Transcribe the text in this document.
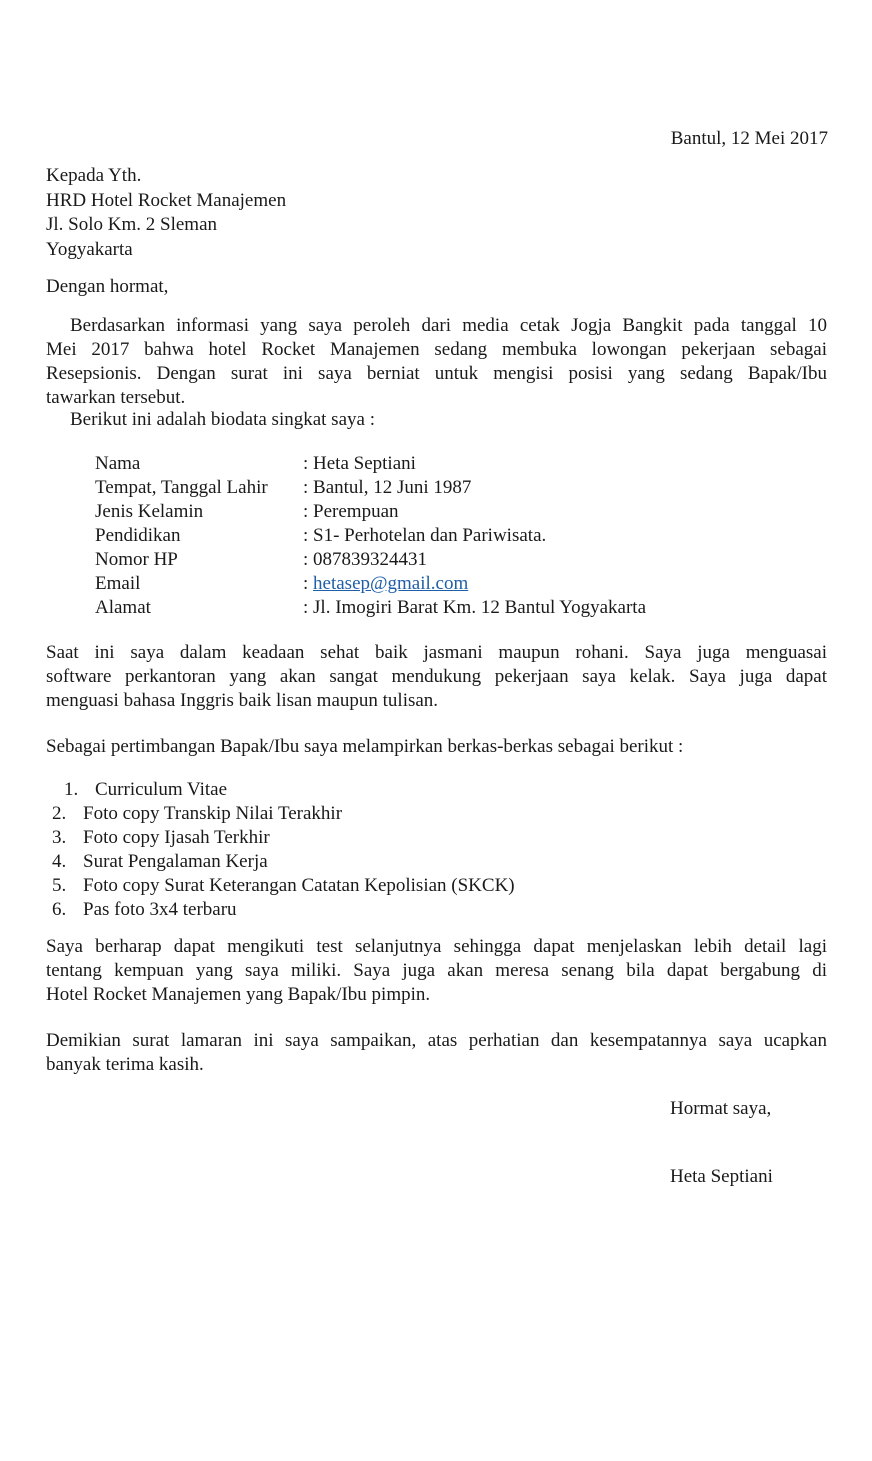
Bantul, 12 Mei 2017
Kepada Yth.
HRD Hotel Rocket Manajemen
Jl. Solo Km. 2 Sleman
Yogyakarta
Dengan hormat,
Berdasarkan informasi yang saya peroleh dari media cetak Jogja Bangkit pada tanggal 10
Mei 2017 bahwa hotel Rocket Manajemen sedang membuka lowongan pekerjaan sebagai
Resepsionis. Dengan surat ini saya berniat untuk mengisi posisi yang sedang Bapak/Ibu
tawarkan tersebut.
Berikut ini adalah biodata singkat saya :
Nama	: Heta Septiani
Tempat, Tanggal Lahir : Bantul, 12 Juni 1987
Jenis Kelamin	: Perempuan
Pendidikan	: S1- Perhotelan dan Pariwisata.
Nomor HP	: 087839324431
Email	: hetasep@gmail.com
Alamat	: Jl. Imogiri Barat Km. 12 Bantul Yogyakarta
Saat ini saya dalam keadaan sehat baik jasmani maupun rohani. Saya juga menguasai
software perkantoran yang akan sangat mendukung pekerjaan saya kelak. Saya juga dapat
menguasi bahasa Inggris baik lisan maupun tulisan.
Sebagai pertimbangan Bapak/Ibu saya melampirkan berkas-berkas sebagai berikut :
1. Curriculum Vitae
2. Foto copy Transkip Nilai Terakhir
3. Foto copy Ijasah Terkhir
4. Surat Pengalaman Kerja
5. Foto copy Surat Keterangan Catatan Kepolisian (SKCK)
6. Pas foto 3x4 terbaru
Saya berharap dapat mengikuti test selanjutnya sehingga dapat menjelaskan lebih detail lagi
tentang kempuan yang saya miliki. Saya juga akan meresa senang bila dapat bergabung di
Hotel Rocket Manajemen yang Bapak/Ibu pimpin.
Demikian surat lamaran ini saya sampaikan, atas perhatian dan kesempatannya saya ucapkan
banyak terima kasih.
Hormat saya,
Heta Septiani
